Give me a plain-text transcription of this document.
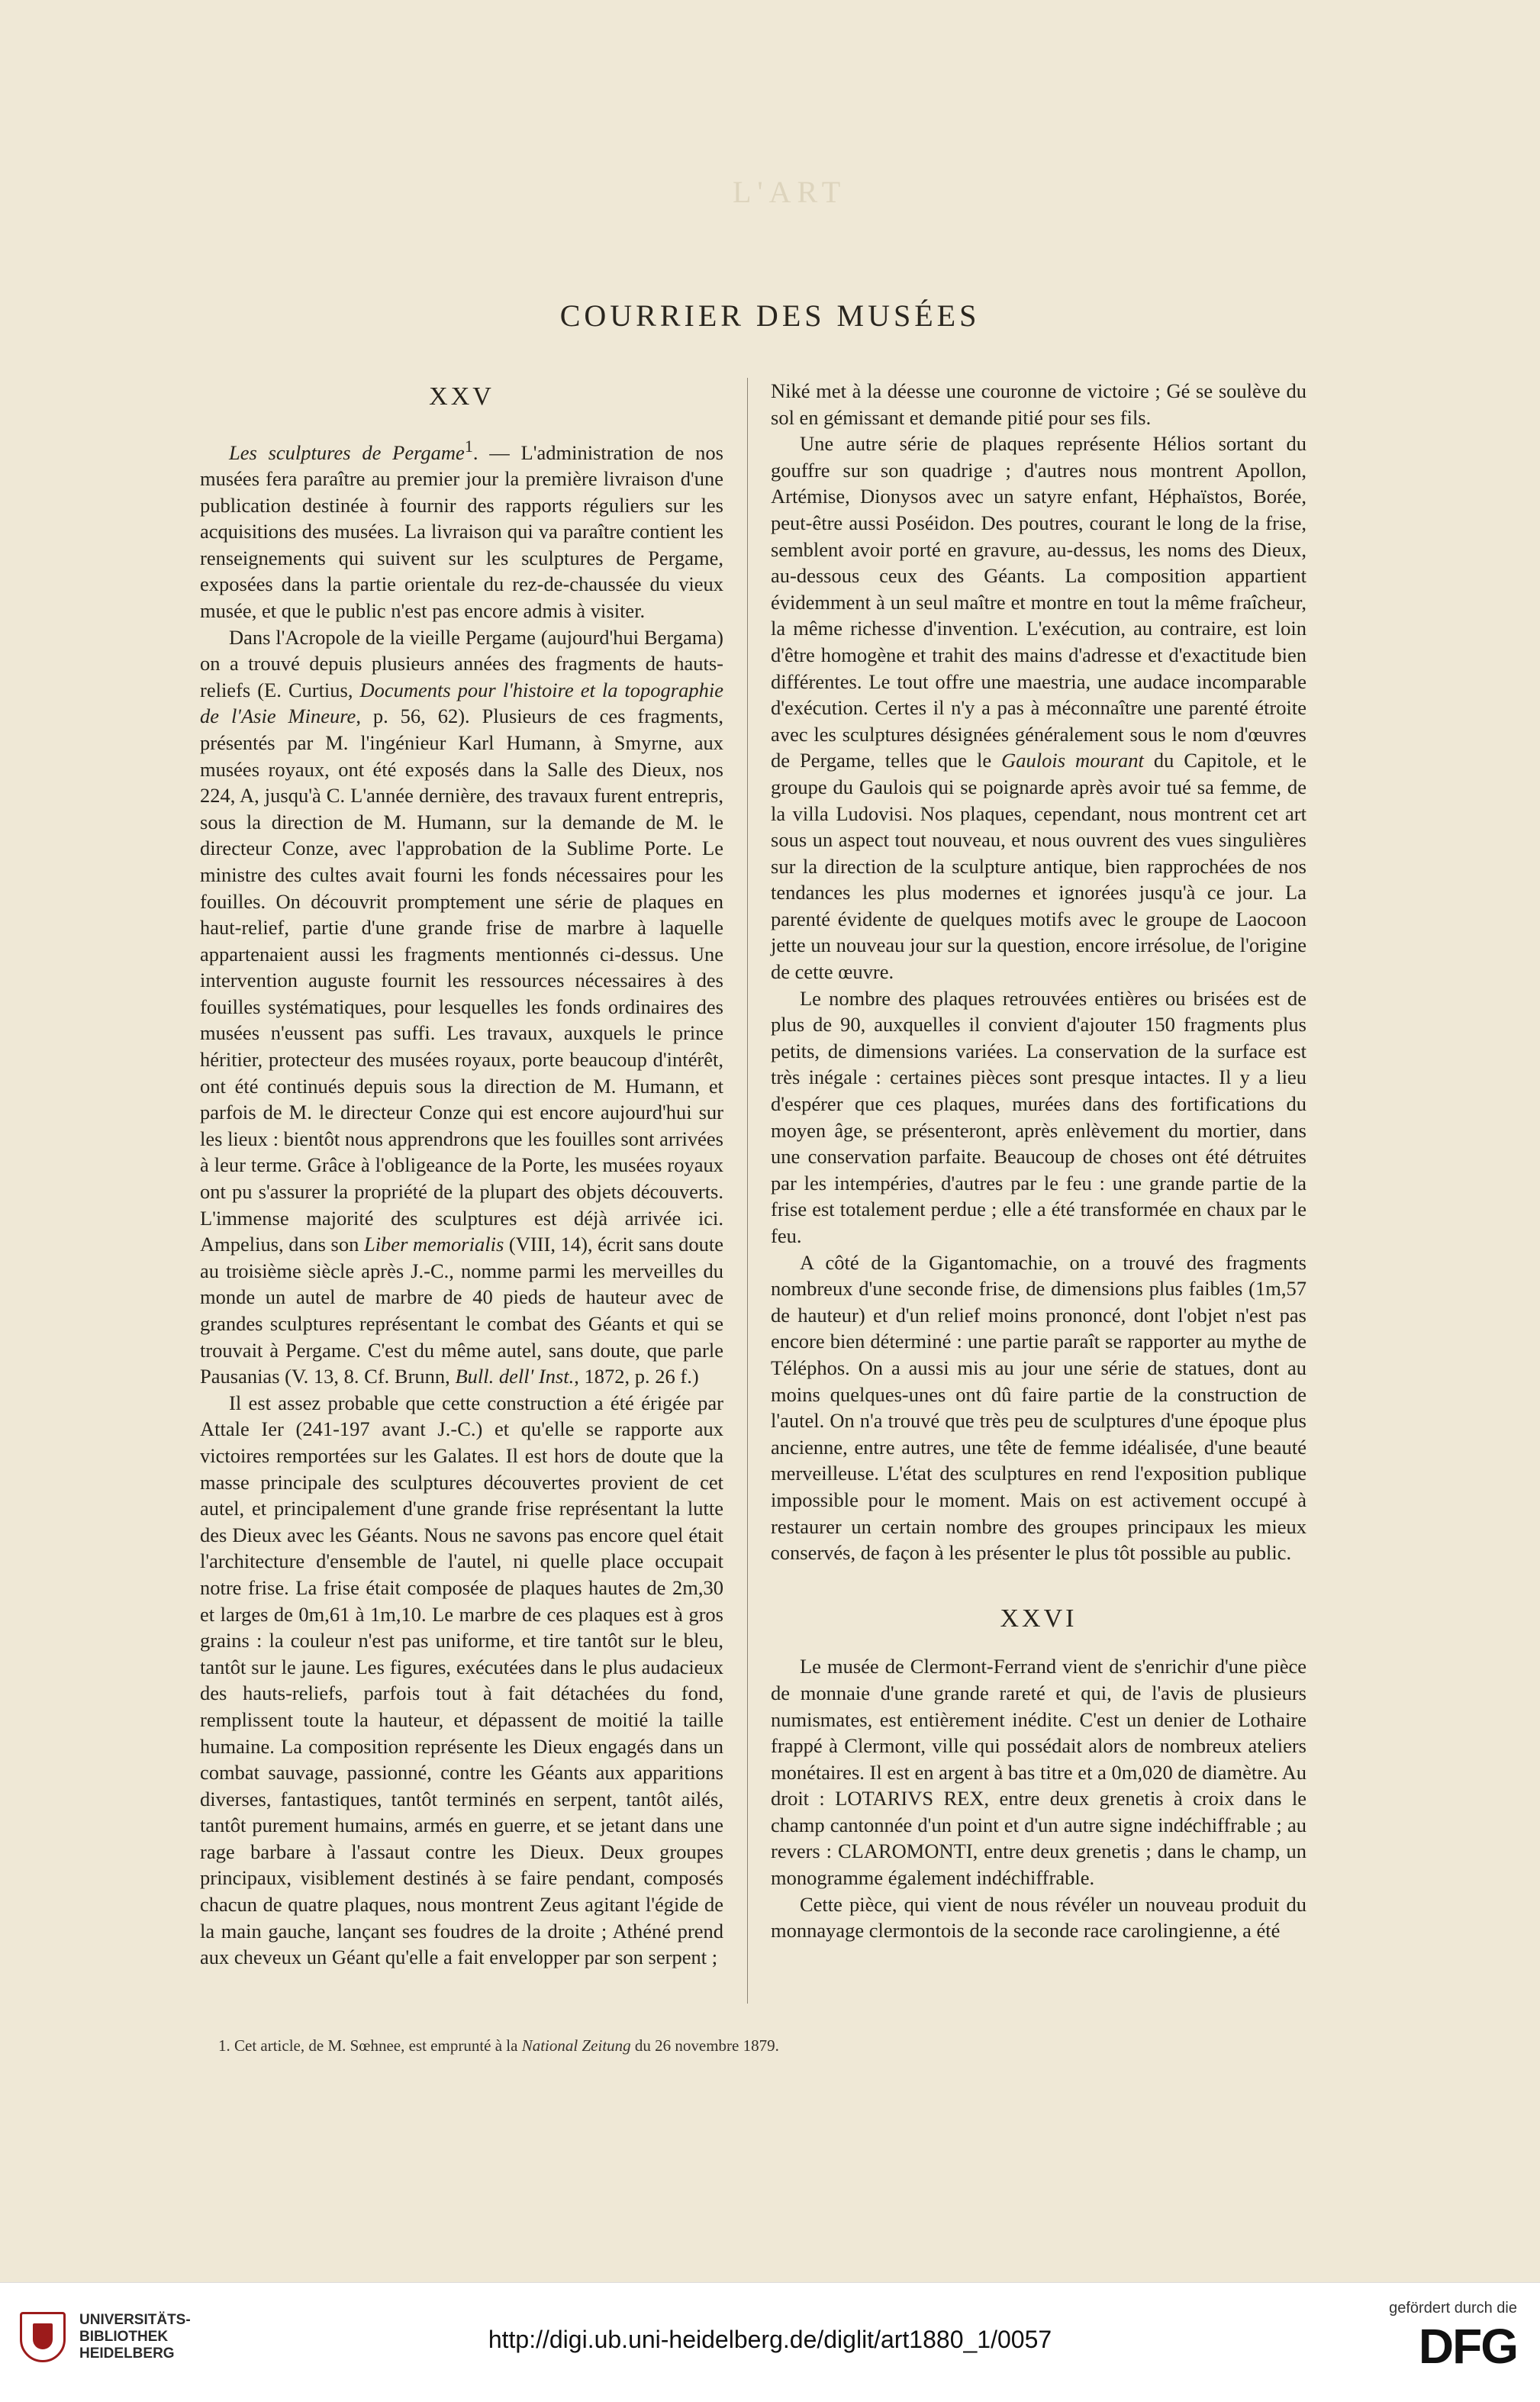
L'ART
COURRIER DES MUSÉES
XXV

Les sculptures de Pergame$^1$. — L'administration de nos musées fera paraître au premier jour la première livraison d'une publication destinée à fournir des rapports réguliers sur les acquisitions des musées. La livraison qui va paraître contient les renseignements qui suivent sur les sculptures de Pergame, exposées dans la partie orientale du rez-de-chaussée du vieux musée, et que le public n'est pas encore admis à visiter.

Dans l'Acropole de la vieille Pergame (aujourd'hui Bergama) on a trouvé depuis plusieurs années des fragments de hauts-reliefs (E. Curtius, Documents pour l'histoire et la topographie de l'Asie Mineure, p. 56, 62). Plusieurs de ces fragments, présentés par M. l'ingénieur Karl Humann, à Smyrne, aux musées royaux, ont été exposés dans la Salle des Dieux, nos 224, A, jusqu'à C. L'année dernière, des travaux furent entrepris, sous la direction de M. Humann, sur la demande de M. le directeur Conze, avec l'approbation de la Sublime Porte. Le ministre des cultes avait fourni les fonds nécessaires pour les fouilles. On découvrit promptement une série de plaques en haut-relief, partie d'une grande frise de marbre à laquelle appartenaient aussi les fragments mentionnés ci-dessus. Une intervention auguste fournit les ressources nécessaires à des fouilles systématiques, pour lesquelles les fonds ordinaires des musées n'eussent pas suffi. Les travaux, auxquels le prince héritier, protecteur des musées royaux, porte beaucoup d'intérêt, ont été continués depuis sous la direction de M. Humann, et parfois de M. le directeur Conze qui est encore aujourd'hui sur les lieux : bientôt nous apprendrons que les fouilles sont arrivées à leur terme. Grâce à l'obligeance de la Porte, les musées royaux ont pu s'assurer la propriété de la plupart des objets découverts. L'immense majorité des sculptures est déjà arrivée ici. Ampelius, dans son Liber memorialis (VIII, 14), écrit sans doute au troisième siècle après J.-C., nomme parmi les merveilles du monde un autel de marbre de 40 pieds de hauteur avec de grandes sculptures représentant le combat des Géants et qui se trouvait à Pergame. C'est du même autel, sans doute, que parle Pausanias (V. 13, 8. Cf. Brunn, Bull. dell' Inst., 1872, p. 26 f.)

Il est assez probable que cette construction a été érigée par Attale Ier (241-197 avant J.-C.) et qu'elle se rapporte aux victoires remportées sur les Galates. Il est hors de doute que la masse principale des sculptures découvertes provient de cet autel, et principalement d'une grande frise représentant la lutte des Dieux avec les Géants. Nous ne savons pas encore quel était l'architecture d'ensemble de l'autel, ni quelle place occupait notre frise. La frise était composée de plaques hautes de 2m,30 et larges de 0m,61 à 1m,10. Le marbre de ces plaques est à gros grains : la couleur n'est pas uniforme, et tire tantôt sur le bleu, tantôt sur le jaune. Les figures, exécutées dans le plus audacieux des hauts-reliefs, parfois tout à fait détachées du fond, remplissent toute la hauteur, et dépassent de moitié la taille humaine. La composition représente les Dieux engagés dans un combat sauvage, passionné, contre les Géants aux apparitions diverses, fantastiques, tantôt terminés en serpent, tantôt ailés, tantôt purement humains, armés en guerre, et se jetant dans une rage barbare à l'assaut contre les Dieux. Deux groupes principaux, visiblement destinés à se faire pendant, composés chacun de quatre plaques, nous montrent Zeus agitant l'égide de la main gauche, lançant ses foudres de la droite ; Athéné prend aux cheveux un Géant qu'elle a fait envelopper par son serpent ;

Niké met à la déesse une couronne de victoire ; Gé se soulève du sol en gémissant et demande pitié pour ses fils.

Une autre série de plaques représente Hélios sortant du gouffre sur son quadrige ; d'autres nous montrent Apollon, Artémise, Dionysos avec un satyre enfant, Héphaïstos, Borée, peut-être aussi Poséidon. Des poutres, courant le long de la frise, semblent avoir porté en gravure, au-dessus, les noms des Dieux, au-dessous ceux des Géants. La composition appartient évidemment à un seul maître et montre en tout la même fraîcheur, la même richesse d'invention. L'exécution, au contraire, est loin d'être homogène et trahit des mains d'adresse et d'exactitude bien différentes. Le tout offre une maestria, une audace incomparable d'exécution. Certes il n'y a pas à méconnaître une parenté étroite avec les sculptures désignées généralement sous le nom d'œuvres de Pergame, telles que le Gaulois mourant du Capitole, et le groupe du Gaulois qui se poignarde après avoir tué sa femme, de la villa Ludovisi. Nos plaques, cependant, nous montrent cet art sous un aspect tout nouveau, et nous ouvrent des vues singulières sur la direction de la sculpture antique, bien rapprochées de nos tendances les plus modernes et ignorées jusqu'à ce jour. La parenté évidente de quelques motifs avec le groupe de Laocoon jette un nouveau jour sur la question, encore irrésolue, de l'origine de cette œuvre.

Le nombre des plaques retrouvées entières ou brisées est de plus de 90, auxquelles il convient d'ajouter 150 fragments plus petits, de dimensions variées. La conservation de la surface est très inégale : certaines pièces sont presque intactes. Il y a lieu d'espérer que ces plaques, murées dans des fortifications du moyen âge, se présenteront, après enlèvement du mortier, dans une conservation parfaite. Beaucoup de choses ont été détruites par les intempéries, d'autres par le feu : une grande partie de la frise est totalement perdue ; elle a été transformée en chaux par le feu.

A côté de la Gigantomachie, on a trouvé des fragments nombreux d'une seconde frise, de dimensions plus faibles (1m,57 de hauteur) et d'un relief moins prononcé, dont l'objet n'est pas encore bien déterminé : une partie paraît se rapporter au mythe de Téléphos. On a aussi mis au jour une série de statues, dont au moins quelques-unes ont dû faire partie de la construction de l'autel. On n'a trouvé que très peu de sculptures d'une époque plus ancienne, entre autres, une tête de femme idéalisée, d'une beauté merveilleuse. L'état des sculptures en rend l'exposition publique impossible pour le moment. Mais on est activement occupé à restaurer un certain nombre des groupes principaux les mieux conservés, de façon à les présenter le plus tôt possible au public.

XXVI

Le musée de Clermont-Ferrand vient de s'enrichir d'une pièce de monnaie d'une grande rareté et qui, de l'avis de plusieurs numismates, est entièrement inédite. C'est un denier de Lothaire frappé à Clermont, ville qui possédait alors de nombreux ateliers monétaires. Il est en argent à bas titre et a 0m,020 de diamètre. Au droit : LOTARIVS REX, entre deux grenetis à croix dans le champ cantonnée d'un point et d'un autre signe indéchiffrable ; au revers : CLAROMONTI, entre deux grenetis ; dans le champ, un monogramme également indéchiffrable.

Cette pièce, qui vient de nous révéler un nouveau produit du monnayage clermontois de la seconde race carolingienne, a été

1. Cet article, de M. Sœhnee, est emprunté à la National Zeitung du 26 novembre 1879.
UNIVERSITÄTS-
BIBLIOTHEK
HEIDELBERG
http://digi.ub.uni-heidelberg.de/diglit/art1880_1/0057
gefördert durch die
DFG
